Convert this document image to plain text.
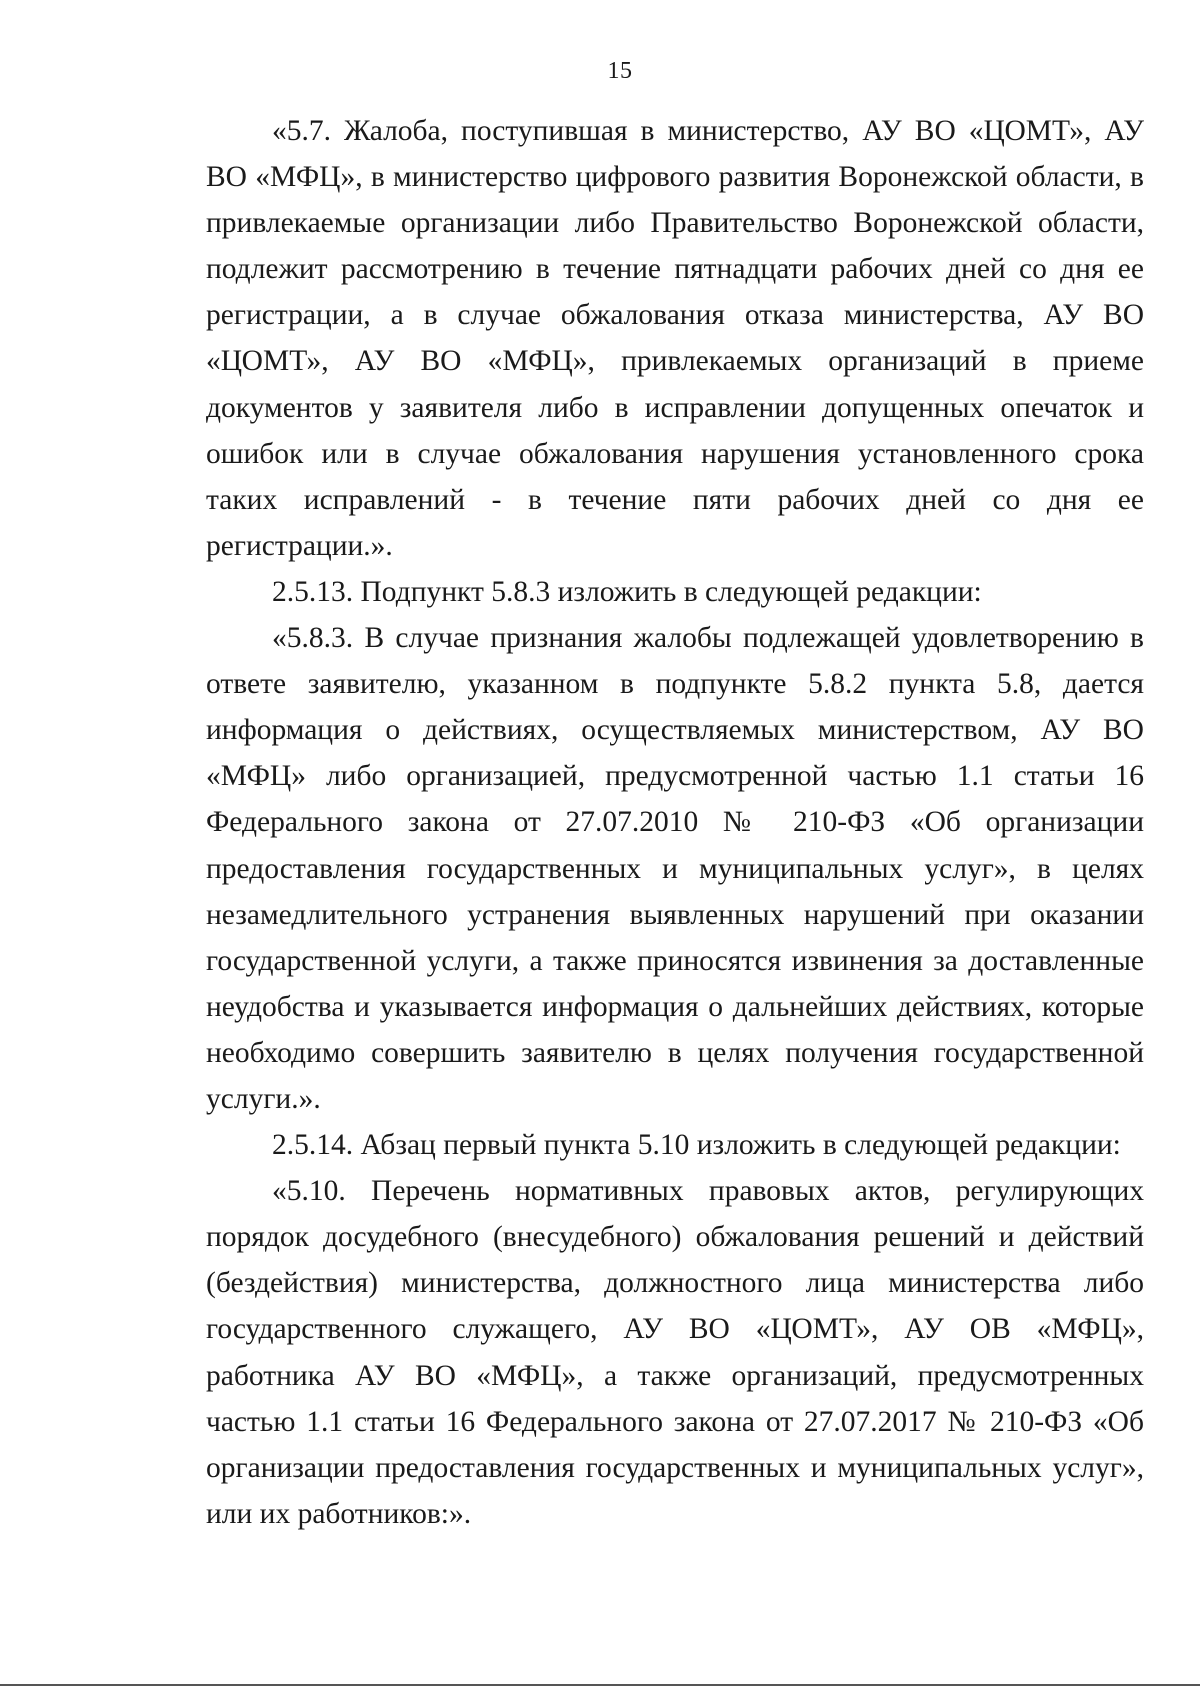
15

«5.7. Жалоба, поступившая в министерство, АУ ВО «ЦОМТ», АУ ВО «МФЦ», в министерство цифрового развития Воронежской области, в привлекаемые организации либо Правительство Воронежской области, подлежит рассмотрению в течение пятнадцати рабочих дней со дня ее регистрации, а в случае обжалования отказа министерства, АУ ВО «ЦОМТ», АУ ВО «МФЦ», привлекаемых организаций в приеме документов у заявителя либо в исправлении допущенных опечаток и ошибок или в случае обжалования нарушения установленного срока таких исправлений - в течение пяти рабочих дней со дня ее регистрации.».

2.5.13. Подпункт 5.8.3 изложить в следующей редакции:

«5.8.3. В случае признания жалобы подлежащей удовлетворению в ответе заявителю, указанном в подпункте 5.8.2 пункта 5.8, дается информация о действиях, осуществляемых министерством, АУ ВО «МФЦ» либо организацией, предусмотренной частью 1.1 статьи 16 Федерального закона от 27.07.2010 № 210-ФЗ «Об организации предоставления государственных и муниципальных услуг», в целях незамедлительного устранения выявленных нарушений при оказании государственной услуги, а также приносятся извинения за доставленные неудобства и указывается информация о дальнейших действиях, которые необходимо совершить заявителю в целях получения государственной услуги.».

2.5.14. Абзац первый пункта 5.10 изложить в следующей редакции:

«5.10. Перечень нормативных правовых актов, регулирующих порядок досудебного (внесудебного) обжалования решений и действий (бездействия) министерства, должностного лица министерства либо государственного служащего, АУ ВО «ЦОМТ», АУ ОВ «МФЦ», работника АУ ВО «МФЦ», а также организаций, предусмотренных частью 1.1 статьи 16 Федерального закона от 27.07.2017 № 210-ФЗ «Об организации предоставления государственных и муниципальных услуг», или их работников:».
